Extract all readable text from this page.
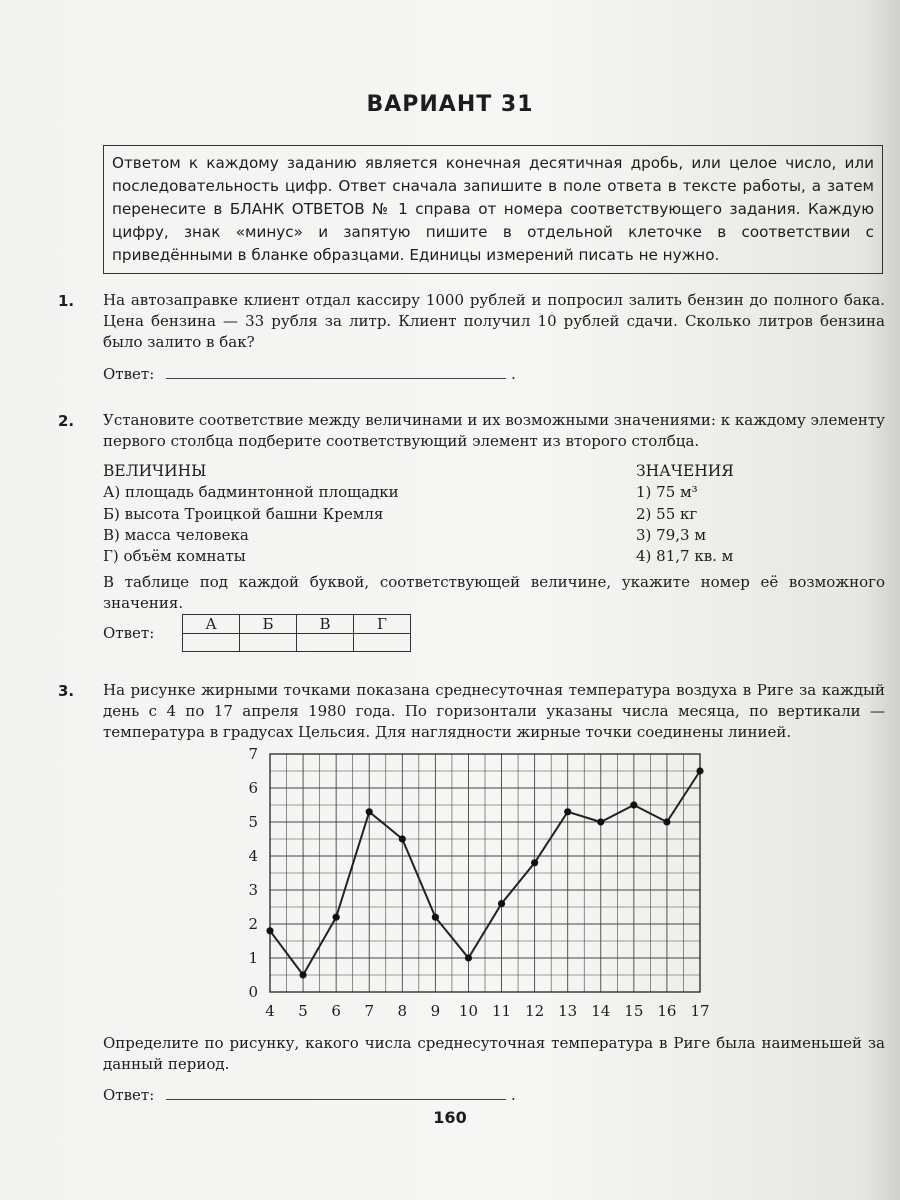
ВАРИАНТ 31
Ответом к каждому заданию является конечная десятичная дробь, или целое число, или последовательность цифр. Ответ сначала запишите в поле ответа в тексте работы, а затем перенесите в БЛАНК ОТВЕТОВ № 1 справа от номера соответствующего задания. Каждую цифру, знак «минус» и запятую пишите в отдельной клеточке в соответствии с приведёнными в бланке образцами. Единицы измерений писать не нужно.
1. На автозаправке клиент отдал кассиру 1000 рублей и попросил залить бензин до полного бака. Цена бензина — 33 рубля за литр. Клиент получил 10 рублей сдачи. Сколько литров бензина было залито в бак?
Ответ:	.
2. Установите соответствие между величинами и их возможными значениями: к каждому элементу первого столбца подберите соответствующий элемент из второго столбца.
ВЕЛИЧИНЫ	ЗНАЧЕНИЯ
А) площадь бадминтонной площадки	1) 75 м³
Б) высота Троицкой башни Кремля	2) 55 кг
В) масса человека	3) 79,3 м
Г) объём комнаты	4) 81,7 кв. м
В таблице под каждой буквой, соответствующей величине, укажите номер её возможного значения.
Ответ:	А	Б	В	Г

3. На рисунке жирными точками показана среднесуточная температура воздуха в Риге за каждый день с 4 по 17 апреля 1980 года. По горизонтали указаны числа месяца, по вертикали — температура в градусах Цельсия. Для наглядности жирные точки соединены линией.
0
1
2
3
4
5
6
7
4 5 6 7 8 9 10 11 12 13 14 15 16 17
Определите по рисунку, какого числа среднесуточная температура в Риге была наименьшей за данный период.
Ответ:	.
160
